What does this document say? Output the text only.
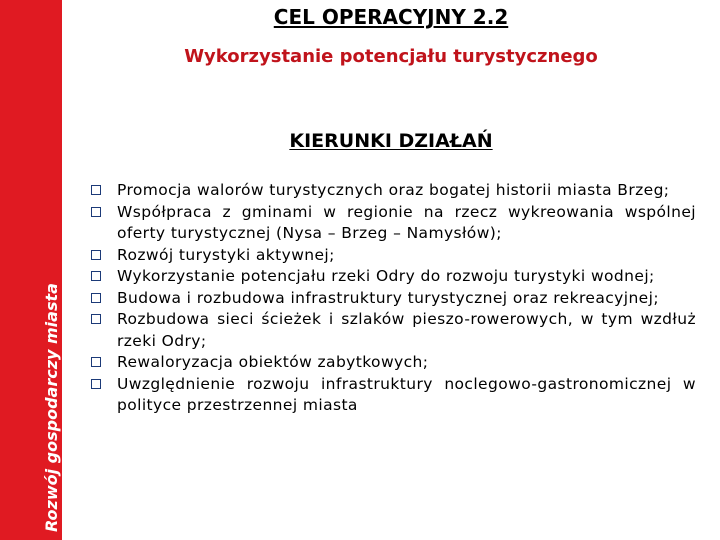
Rozwój gospodarczy miasta
CEL OPERACYJNY 2.2
Wykorzystanie potencjału turystycznego
KIERUNKI DZIAŁAŃ
Promocja walorów turystycznych oraz bogatej historii miasta Brzeg;
Współpraca z gminami w regionie na rzecz wykreowania wspólnej oferty turystycznej (Nysa – Brzeg – Namysłów);
Rozwój turystyki aktywnej;
Wykorzystanie potencjału rzeki Odry do rozwoju turystyki wodnej;
Budowa i rozbudowa infrastruktury turystycznej oraz rekreacyjnej;
Rozbudowa sieci ścieżek i szlaków pieszo-rowerowych, w tym wzdłuż rzeki Odry;
Rewaloryzacja obiektów zabytkowych;
Uwzględnienie rozwoju infrastruktury noclegowo-gastronomicznej w polityce przestrzennej miasta
